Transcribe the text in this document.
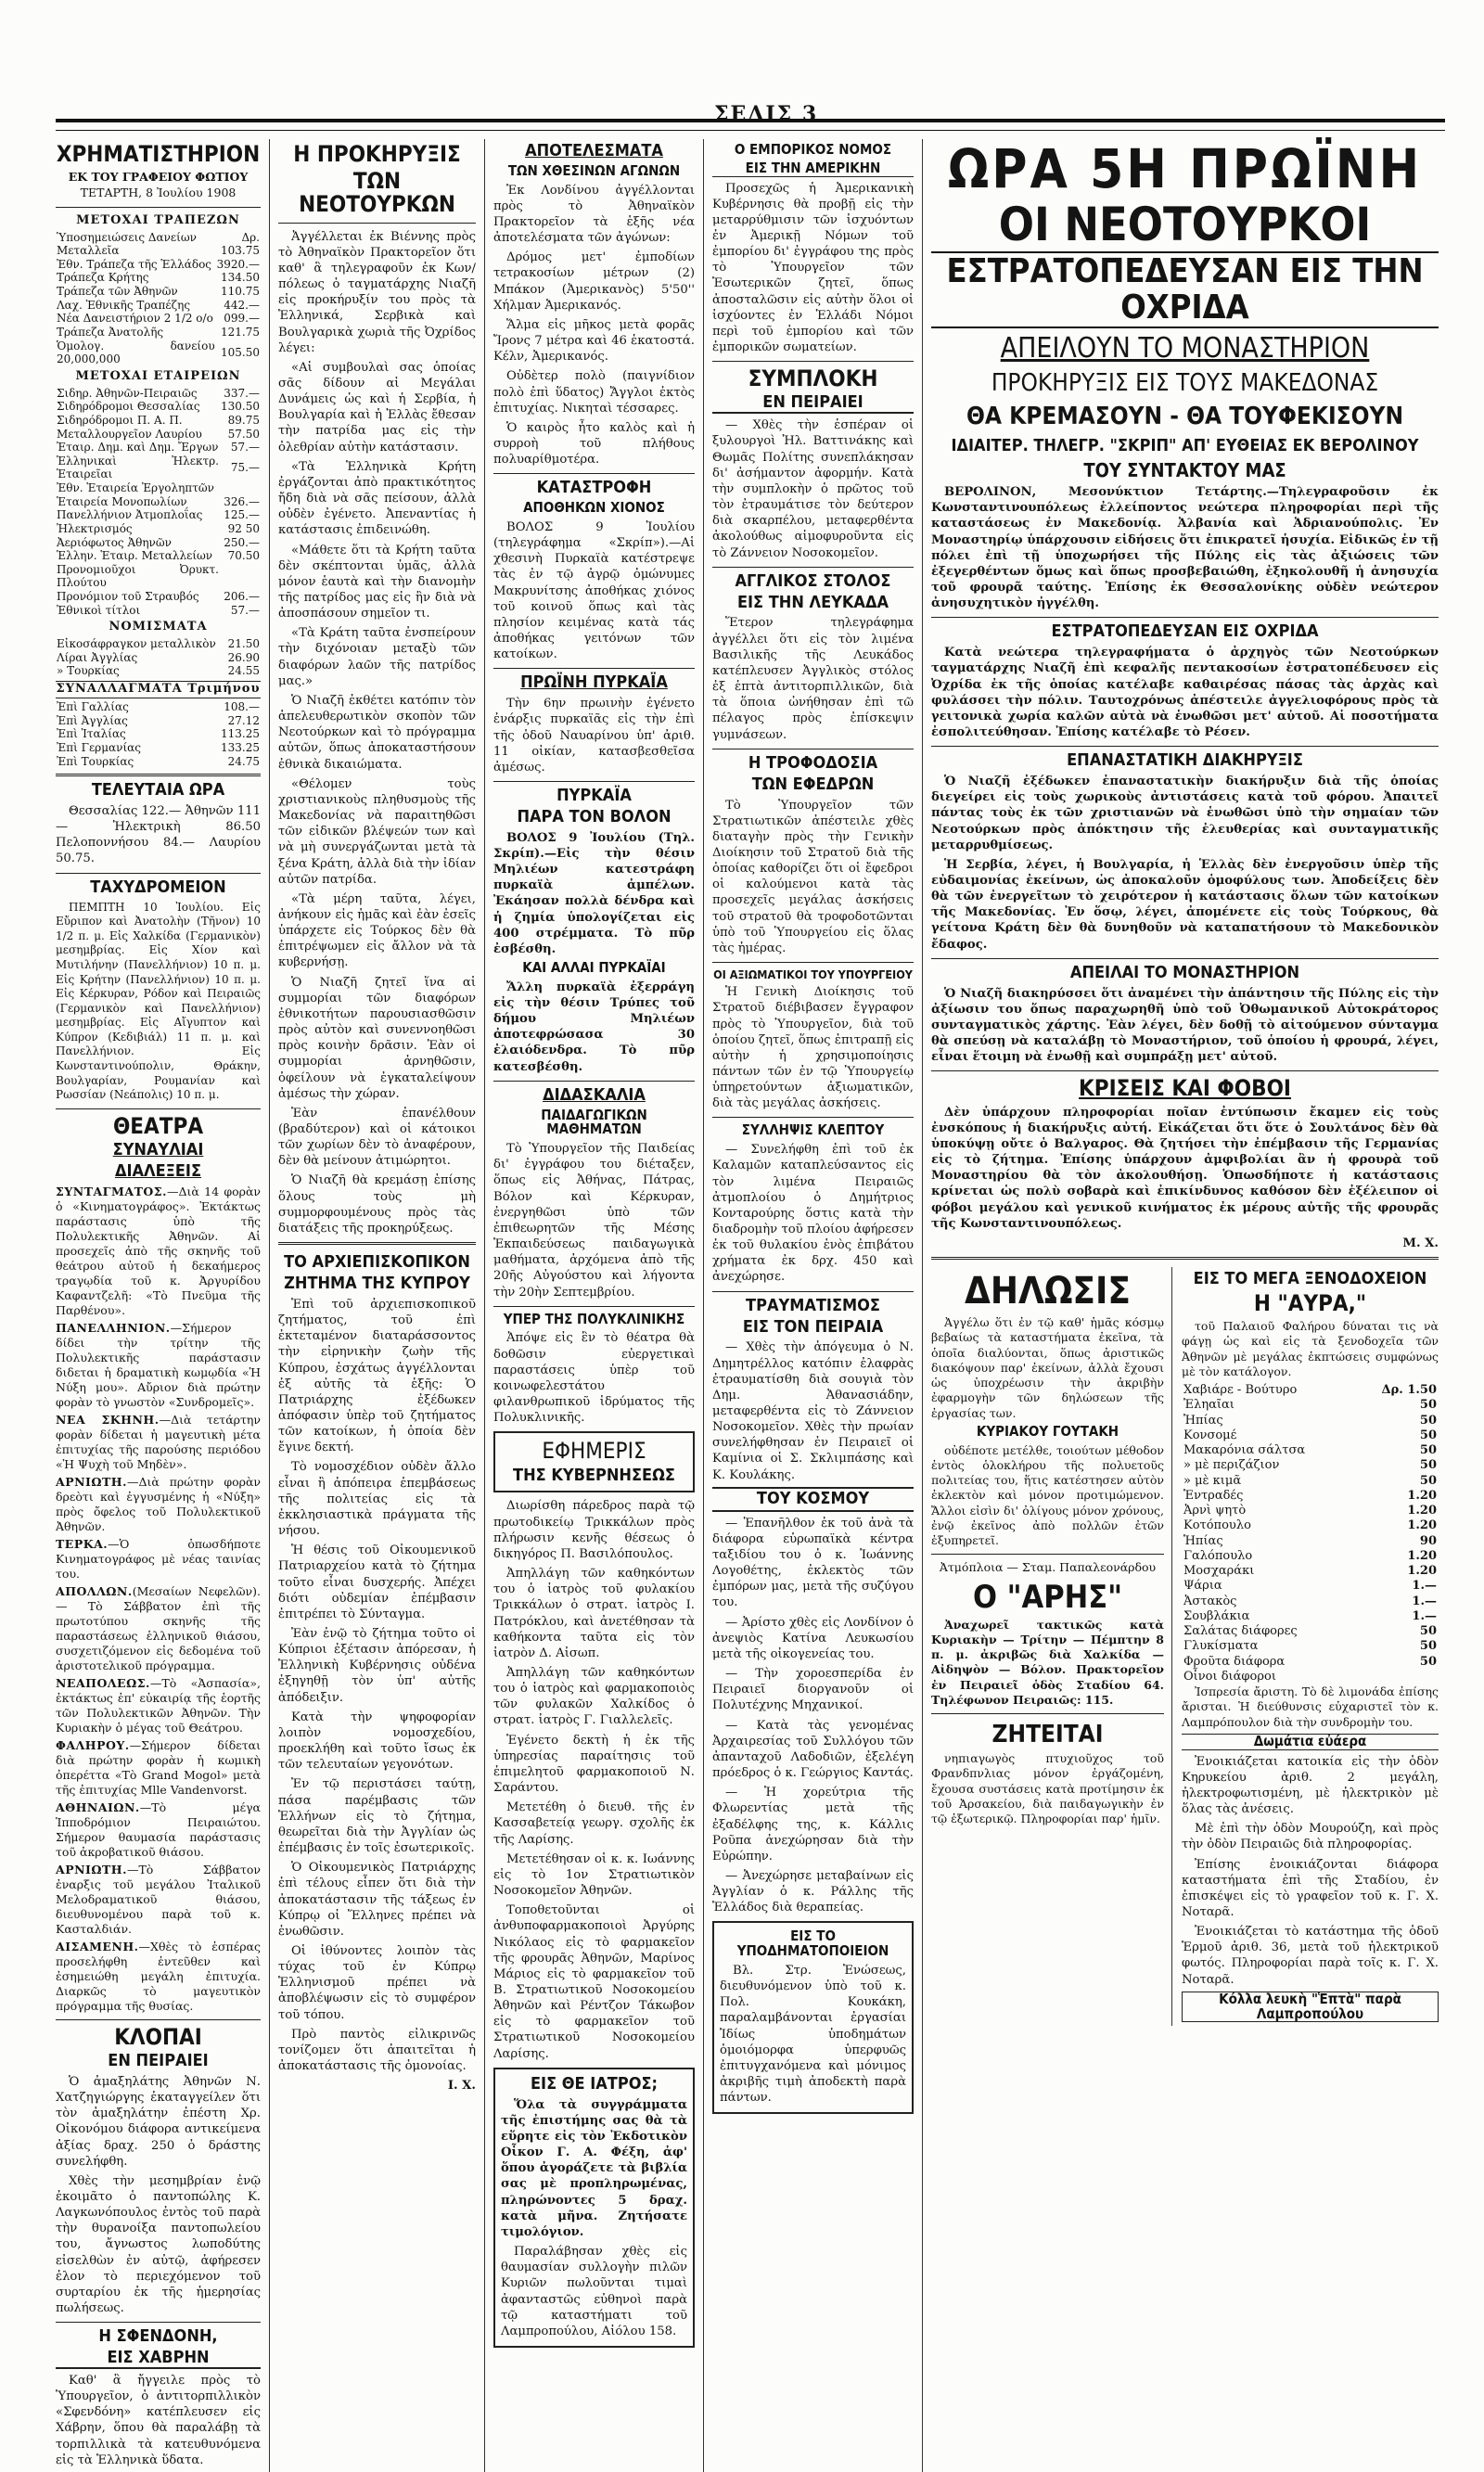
ΣΕΛΙΣ 3
ΧΡΗΜΑΤΙΣΤΗΡΙΟΝ
ΕΚ ΤΟΥ ΓΡΑΦΕΙΟΥ ΦΩΤΙΟΥ
ΤΕΤΑΡΤΗ, 8 Ἰουλίου 1908
ΜΕΤΟΧΑΙ ΤΡΑΠΕΖΩΝ
Ὑποσημειώσεις Δανείων	Δρ.
Μεταλλεῖα	103.75
Ἐθν. Τράπεζα τῆς Ἑλλάδος	3920.—
Τράπεζα Κρήτης	134.50
Τράπεζα τῶν Ἀθηνῶν	110.75
Λαχ. Ἐθνικῆς Τραπέζης	442.—
Νέα Δανειστήριον 2 1/2 ο/ο	099.—
Τράπεζα Ἀνατολῆς	121.75
Ὁμολογ. δανείου 20,000,000	105.50
ΜΕΤΟΧΑΙ ΕΤΑΙΡΕΙΩΝ
Σιδηρ. Ἀθηνῶν-Πειραιῶς	337.—
Σιδηρόδρομοι Θεσσαλίας	130.50
Σιδηρόδρομοι Π. Α. Π.	89.75
Μεταλλουργεῖον Λαυρίου	57.50
Ἐταιρ. Δημ. καὶ Δημ. Ἔργων	57.—
Ἑλληνικαὶ Ἠλεκτρ. Ἑταιρεῖαι	75.—
Ἐθν. Ἑταιρεία Ἐργοληπτῶν	
Ἑταιρεία Μονοπωλίων	326.—
Πανελλήνιον Ἀτμοπλοΐας	125.—
Ἠλεκτρισμός	92 50
Ἀεριόφωτος Ἀθηνῶν	250.—
Ἑλλην. Ἑταιρ. Μεταλλείων	70.50
Προνομιοῦχοι Ὀρυκτ. Πλούτου	
Προνόμιον τοῦ Στραυβός	206.—
Ἐθνικοὶ τίτλοι	57.—
ΝΟΜΙΣΜΑΤΑ
Εἰκοσάφραγκον μεταλλικὸν	21.50
Λίραι Ἀγγλίας	26.90
» Τουρκίας	24.55
ΣΥΝΑΛΛΑΓΜΑΤΑ Τριμήνου
Ἐπὶ Γαλλίας	108.—
Ἐπὶ Ἀγγλίας	27.12
Ἐπὶ Ἰταλίας	113.25
Ἐπὶ Γερμανίας	133.25
Ἐπὶ Τουρκίας	24.75
ΤΕΛΕΥΤΑΙΑ ΩΡΑ

Θεσσαλίας 122.— Ἀθηνῶν 111— Ἠλεκτρικὴ 86.50 Πελοποννήσου 84.— Λαυρίου 50.75.

ΤΑΧΥΔΡΟΜΕΙΟΝ

ΠΕΜΠΤΗ 10 Ἰουλίου. Εἰς Εὔριπον καὶ Ἀνατολὴν (Τῆνον) 10 1/2 π. μ. Εἰς Χαλκίδα (Γερμανικὸν) μεσημβρίας. Εἰς Χίον καὶ Μυτιλήνην (Πανελλήνιον) 10 π. μ. Εἰς Κρήτην (Πανελλήνιον) 10 π. μ. Εἰς Κέρκυραν, Ρόδον καὶ Πειραιῶς (Γερμανικὸν καὶ Πανελλήνιον) μεσημβρίας. Εἰς Αἴγυπτον καὶ Κύπρον (Κεδιβιάλ) 11 π. μ. καὶ Πανελλήνιον. Εἰς Κωνσταντινούπολιν, Θράκην, Βουλγαρίαν, Ρουμανίαν καὶ Ρωσσίαν (Νεάπολις) 10 π. μ.

ΘΕΑΤΡΑ
ΣΥΝΑΥΛΙΑΙ
ΔΙΑΛΕΞΕΙΣ
ΣΥΝΤΑΓΜΑΤΟΣ.—Διὰ 14 φορὰν ὁ «Κινηματογράφος». Ἐκτάκτως παράστασις ὑπὸ τῆς Πολυλεκτικῆς Ἀθηνῶν. Αἱ προσεχεῖς ἀπὸ τῆς σκηνῆς τοῦ θεάτρου αὐτοῦ ἡ δεκαήμερος τραγῳδία τοῦ κ. Ἀργυρίδου Καφαντζελῆ: «Τὸ Πνεῦμα τῆς Παρθένου».
ΠΑΝΕΛΛΗΝΙΟΝ.—Σήμερον δίδει τὴν τρίτην τῆς Πολυλεκτικῆς παράστασιν διδεται ἡ δραματικὴ κωμῳδία «Ἡ Νύξη μου». Αὔριον διὰ πρώτην φορὰν τὸ γνωστὸν «Συνδρομεῖς».
ΝΕΑ ΣΚΗΝΗ.—Διὰ τετάρτην φορὰν δίδεται ἡ μαγευτικὴ μέτα ἐπιτυχίας τῆς παρούσης περιόδου «Ἡ Ψυχὴ τοῦ Μηδὲν».
ΑΡΝΙΩΤΗ.—Διὰ πρώτην φορὰν δρεὸτι καὶ ἐγγυσμένης ἡ «Νύξη» πρὸς ὄφελος τοῦ Πολυλεκτικοῦ Ἀθηνῶν.
ΤΕΡΚΑ.—Ὁ ὁπωσδήποτε Κινηματογράφος μὲ νέας ταινίας του.
ΑΠΟΛΛΩΝ.(Μεσαίων Νεφελῶν). — Τὸ Σάββατον ἐπὶ τῆς πρωτοτύπου σκηνῆς τῆς παραστάσεως ἑλληνικοῦ θιάσου, συσχετιζόμενον εἰς δεδομένα τοῦ ἀριστοτελικοῦ πρόγραμμα.
ΝΕΑΠΟΛΕΩΣ.—Τὸ «Ἀσπασία», ἐκτάκτως ἐπ' εὐκαιρίᾳ τῆς ἑορτῆς τῶν Πολυλεκτικῶν Ἀθηνῶν. Τὴν Κυριακὴν ὁ μέγας τοῦ Θεάτρου.
ΦΑΛΗΡΟΥ.—Σήμερον δίδεται διὰ πρώτην φορὰν ἡ κωμικὴ ὀπερέττα «Τὸ Grand Mogol» μετὰ τῆς ἐπιτυχίας Mlle Vandenvorst.
ΑΘΗΝΑΙΩΝ.—Τὸ μέγα Ἱπποδρόμιον Πειραιώτου. Σήμερον θαυμασία παράστασις τοῦ ἀκροβατικοῦ θιάσου.
ΑΡΝΙΩΤΗ.—Τὸ Σάββατον ἐναρξις τοῦ μεγάλου Ἰταλικοῦ Μελοδραματικοῦ θιάσου, διευθυνομένου παρὰ τοῦ κ. Κασταλδιάν.
ΑΙΣΑΜΕΝΗ.—Χθὲς τὸ ἑσπέρας προσελήφθη ἐντεῦθεν καὶ ἐσημειώθη μεγάλη ἐπιτυχία. Διαρκῶς τὸ μαγευτικὸν πρόγραμμα τῆς θυσίας.
ΚΛΟΠΑΙ
ΕΝ ΠΕΙΡΑΙΕΙ

Ὁ ἀμαξηλάτης Ἀθηνῶν Ν. Χατζηγιώργης ἐκαταγγείλεν ὅτι τὸν ἀμαξηλάτην ἐπέστη Χρ. Οἰκονόμου διάφορα αντικείμενα ἀξίας δραχ. 250 ὁ δράστης συνελήφθη.

Χθὲς τὴν μεσημβρίαν ἐνῷ ἐκοιμᾶτο ὁ παντοπώλης Κ. Λαγκωνόπουλος ἐντὸς τοῦ παρὰ τὴν θυρανοίξα παντοπωλείου του, ἄγνωστος λωποδύτης εἰσελθὼν ἐν αὐτῷ, ἀφήρεσεν ἐλον τὸ περιεχόμενον τοῦ συρταρίου ἐκ τῆς ἡμερησίας πωλήσεως.

Η ΣΦΕΝΔΟΝΗ,
ΕΙΣ ΧΑΒΡΗΝ

Καθ' ἃ ἤγγειλε πρὸς τὸ Ὑπουργεῖον, ὁ ἀντιτορπιλλικὸν «Σφενδόνη» κατέπλευσεν εἰς Χάβρην, ὅπου θὰ παραλάβῃ τὰ τορπιλλικὰ τὰ κατευθυνόμενα εἰς τὰ Ἑλληνικὰ ὕδατα.

Η ΠΡΟΚΗΡΥΞΙΣ
ΤΩΝ ΝΕΟΤΟΥΡΚΩΝ

Ἀγγέλλεται ἐκ Βιέννης πρὸς τὸ Ἀθηναϊκὸν Πρακτορεῖον ὅτι καθ' ἃ τηλεγραφοῦν ἐκ Κων/πόλεως ὁ ταγματάρχης Νιαζῆ εἰς προκήρυξίν του πρὸς τὰ Ἑλληνικά, Σερβικὰ καὶ Βουλγαρικὰ χωριὰ τῆς Ὀχρίδος λέγει:

«Αἱ συμβουλαὶ σας ὁποίας σᾶς δίδουν αἱ Μεγάλαι Δυνάμεις ὡς καὶ ἡ Σερβία, ἡ Βουλγαρία καὶ ἡ Ἑλλὰς ἔθεσαν τὴν πατρίδα μας εἰς τὴν ὀλεθρίαν αὐτὴν κατάστασιν.

«Τὰ Ἑλληνικὰ Κρήτη ἐργάζονται ἀπὸ πρακτικότητος ἤδη διὰ νὰ σᾶς πείσουν, ἀλλὰ οὐδὲν ἐγένετο. Ἀπεναντίας ἡ κατάστασις ἐπιδεινώθη.

«Μάθετε ὅτι τὰ Κρήτη ταῦτα δὲν σκέπτονται ὑμᾶς, ἀλλὰ μόνον ἑαυτὰ καὶ τὴν διανομὴν τῆς πατρίδος μας εἰς ἣν διὰ νὰ ἀποσπάσουν σημεῖον τι.

«Τὰ Κράτη ταῦτα ἐνσπείρουν τὴν διχόνοιαν μεταξὺ τῶν διαφόρων λαῶν τῆς πατρίδος μας.»

Ὁ Νιαζῆ ἐκθέτει κατόπιν τὸν ἀπελευθερωτικὸν σκοπὸν τῶν Νεοτούρκων καὶ τὸ πρόγραμμα αὐτῶν, ὅπως ἀποκαταστήσουν ἐθνικὰ δικαιώματα.

«Θέλομεν τοὺς χριστιανικοὺς πληθυσμοὺς τῆς Μακεδονίας νὰ παραιτηθῶσι τῶν εἰδικῶν βλέψεών των καὶ νὰ μὴ συνεργάζωνται μετὰ τὰ ξένα Κράτη, ἀλλὰ διὰ τὴν ἰδίαν αὐτῶν πατρίδα.

«Τὰ μέρη ταῦτα, λέγει, ἀνήκουν εἰς ἡμᾶς καὶ ἐὰν ἐσεῖς ὑπάρχετε εἰς Τούρκος δὲν θὰ ἐπιτρέψωμεν εἰς ἄλλον νὰ τὰ κυβερνήσῃ.

Ὁ Νιαζῆ ζητεῖ ἵνα αἱ συμμορίαι τῶν διαφόρων ἐθνικοτήτων παρουσιασθῶσιν πρὸς αὐτὸν καὶ συνεννοηθῶσι πρὸς κοινὴν δρᾶσιν. Ἐὰν οἱ συμμορίαι ἀρνηθῶσιν, ὀφείλουν νὰ ἐγκαταλείψουν ἀμέσως τὴν χώραν.

Ἐὰν ἐπανέλθουν (βραδύτερον) καὶ οἱ κάτοικοι τῶν χωρίων δὲν τὸ ἀναφέρουν, δὲν θὰ μείνουν ἀτιμώρητοι.

Ὁ Νιαζῆ θὰ κρεμάσῃ ἐπίσης ὅλους τοὺς μὴ συμμορφουμένους πρὸς τὰς διατάξεις τῆς προκηρύξεως.

ΤΟ ΑΡΧΙΕΠΙΣΚΟΠΙΚΟΝ
ΖΗΤΗΜΑ ΤΗΣ ΚΥΠΡΟΥ

Ἐπὶ τοῦ ἀρχιεπισκοπικοῦ ζητήματος, τοῦ ἐπὶ ἐκτεταμένον διαταράσσοντος τὴν εἰρηνικὴν ζωὴν τῆς Κύπρου, ἐσχάτως ἀγγέλλονται ἐξ αὐτῆς τὰ ἑξῆς: Ὁ Πατριάρχης ἐξέδωκεν ἀπόφασιν ὑπὲρ τοῦ ζητήματος τῶν κατοίκων, ἡ ὁποία δὲν ἔγινε δεκτή.

Τὸ νομοσχέδιον οὐδὲν ἄλλο εἶναι ἢ ἀπόπειρα ἐπεμβάσεως τῆς πολιτείας εἰς τὰ ἐκκλησιαστικὰ πράγματα τῆς νήσου.

Ἡ θέσις τοῦ Οἰκουμενικοῦ Πατριαρχείου κατὰ τὸ ζήτημα τοῦτο εἶναι δυσχερής. Ἀπέχει διότι οὐδεμίαν ἐπέμβασιν ἐπιτρέπει τὸ Σύνταγμα.

Ἐὰν ἐνῷ τὸ ζήτημα τοῦτο οἱ Κύπριοι ἐξέτασιν ἀπόρεσαν, ἡ Ἑλληνικὴ Κυβέρνησις οὐδένα ἐξηγηθῇ τὸν ὑπ' αὐτῆς ἀπόδειξιν.

Κατὰ τὴν ψηφοφορίαν λοιπὸν νομοσχεδίου, προεκλήθη καὶ τοῦτο ἴσως ἐκ τῶν τελευταίων γεγονότων.

Ἐν τῷ περιστάσει ταύτῃ, πάσα παρέμβασις τῶν Ἑλλήνων εἰς τὸ ζήτημα, θεωρεῖται διὰ τὴν Ἀγγλίαν ὡς ἐπέμβασις ἐν τοῖς ἐσωτερικοῖς.

Ὁ Οἰκουμενικὸς Πατριάρχης ἐπὶ τέλους εἶπεν ὅτι διὰ τὴν ἀποκατάστασιν τῆς τάξεως ἐν Κύπρῳ οἱ Ἕλληνες πρέπει νὰ ἑνωθῶσιν.

Οἱ ἰθύνοντες λοιπὸν τὰς τύχας τοῦ ἐν Κύπρῳ Ἑλληνισμοῦ πρέπει νὰ ἀποβλέψωσιν εἰς τὸ συμφέρον τοῦ τόπου.

Πρὸ παντὸς εἰλικρινῶς τονίζομεν ὅτι ἀπαιτεῖται ἡ ἀποκατάστασις τῆς ὁμονοίας.

Ι. Χ.
ΑΠΟΤΕΛΕΣΜΑΤΑ
ΤΩΝ ΧΘΕΣΙΝΩΝ ΑΓΩΝΩΝ

Ἐκ Λονδίνου ἀγγέλλονται πρὸς τὸ Ἀθηναϊκὸν Πρακτορεῖον τὰ ἑξῆς νέα ἀποτελέσματα τῶν ἀγώνων:

Δρόμος μετ' ἐμποδίων τετρακοσίων μέτρων (2) Μπάκον (Ἀμερικανὸς) 5'50'' Χήλμαν Ἀμερικανός.

Ἅλμα εἰς μῆκος μετὰ φορᾶς Ἴρονς 7 μέτρα καὶ 46 ἑκατοστά. Κέλν, Ἀμερικανός.

Οὐδὲτερ πολὸ (παιγνίδιον πολὸ ἐπὶ ὕδατος) Ἄγγλοι ἐκτὸς ἐπιτυχίας. Νικηταὶ τέσσαρες.

Ὁ καιρὸς ἦτο καλὸς καὶ ἡ συρροὴ τοῦ πλήθους πολυαρίθμοτέρα.

ΚΑΤΑΣΤΡΟΦΗ
ΑΠΟΘΗΚΩΝ ΧΙΟΝΟΣ

ΒΟΛΟΣ 9 Ἰουλίου (τηλεγράφημα «Σκρίπ»).—Αἱ χθεσινὴ Πυρκαϊὰ κατέστρεψε τὰς ἐν τῷ ἀγρῷ ὁμώνυμες Μακρυνίτσης ἀποθήκας χιόνος τοῦ κοινοῦ ὅπως καὶ τὰς πλησίον κειμένας κατὰ τάς ἀποθήκας γειτόνων τῶν κατοίκων.

ΠΡΩΪΝΗ ΠΥΡΚΑΪΑ

Τὴν 6ην πρωινὴν ἐγένετο ἐνάρξις πυρκαϊᾶς εἰς τὴν ἐπὶ τῆς ὁδοῦ Ναυαρίνου ὑπ' ἀριθ. 11 οἰκίαν, κατασβεσθεῖσα ἀμέσως.

ΠΥΡΚΑΪΑ
ΠΑΡΑ ΤΟΝ ΒΟΛΟΝ

ΒΟΛΟΣ 9 Ἰουλίου (Τηλ. Σκρίπ).—Εἰς τὴν θέσιν Μηλιέων κατεστράφη πυρκαϊὰ ἀμπέλων. Ἐκάησαν πολλὰ δένδρα καὶ ἡ ζημία ὑπολογίζεται εἰς 400 στρέμματα. Τὸ πῦρ ἐσβέσθη.

ΚΑΙ ΑΛΛΑΙ ΠΥΡΚΑΪΑΙ

Ἄλλη πυρκαϊὰ ἐξερράγη εἰς τὴν θέσιν Τρύπες τοῦ δήμου Μηλιέων ἀποτεφρώσασα 30 ἐλαιόδενδρα. Τὸ πῦρ κατεσβέσθη.

ΔΙΔΑΣΚΑΛΙΑ
ΠΑΙΔΑΓΩΓΙΚΩΝ ΜΑΘΗΜΑΤΩΝ

Τὸ Ὑπουργεῖον τῆς Παιδείας δι' ἐγγράφου του διέταξεν, ὅπως εἰς Ἀθήνας, Πάτρας, Βόλον καὶ Κέρκυραν, ἐνεργηθῶσι ὑπὸ τῶν ἐπιθεωρητῶν τῆς Μέσης Ἐκπαιδεύσεως παιδαγωγικὰ μαθήματα, ἀρχόμενα ἀπὸ τῆς 20ῆς Αὐγούστου καὶ λήγοντα τὴν 20ὴν Σεπτεμβρίου.

ΥΠΕΡ ΤΗΣ ΠΟΛΥΚΛΙΝΙΚΗΣ

Ἀπόψε εἰς ἓν τὸ θέατρα θὰ δοθῶσιν εὐεργετικαὶ παραστάσεις ὑπὲρ τοῦ κοινωφελεστάτου φιλανθρωπικοῦ ἱδρύματος τῆς Πολυκλινικῆς.

ΕΦΗΜΕΡΙΣ
ΤΗΣ ΚΥΒΕΡΝΗΣΕΩΣ

Διωρίσθη πάρεδρος παρὰ τῷ πρωτοδικείῳ Τρικκάλων πρὸς πλήρωσιν κενῆς θέσεως ὁ δικηγόρος Π. Βασιλόπουλος.

Ἀπηλλάγη τῶν καθηκόντων του ὁ ἰατρὸς τοῦ φυλακίου Τρικκάλων ὁ στρατ. ἰατρὸς Ι. Πατρόκλου, καὶ ἀνετέθησαν τὰ καθήκοντα ταῦτα εἰς τὸν ἰατρὸν Δ. Αἰσωπ.

Ἀπηλλάγη τῶν καθηκόντων του ὁ ἰατρὸς καὶ φαρμακοποιὸς τῶν φυλακῶν Χαλκίδος ὁ στρατ. ἰατρὸς Γ. Γιαλλελεῖς.

Ἐγένετο δεκτὴ ἡ ἐκ τῆς ὑπηρεσίας παραίτησις τοῦ ἐπιμελητοῦ φαρμακοποιοῦ Ν. Σαράντου.

Μετετέθη ὁ διευθ. τῆς ἐν Κασσαβετείᾳ γεωργ. σχολῆς ἐκ τῆς Λαρίσης.

Μετετέθησαν οἱ κ. κ. Ιωάννης εἰς τὸ 1ον Στρατιωτικὸν Νοσοκομεῖον Ἀθηνῶν.

Τοποθετοῦνται οἱ ἀνθυποφαρμακοποιοὶ Ἀργύρης Νικόλαος εἰς τὸ φαρμακεῖον τῆς φρουρᾶς Ἀθηνῶν, Μαρίνος Μάριος εἰς τὸ φαρμακεῖον τοῦ Β. Στρατιωτικοῦ Νοσοκομείου Ἀθηνῶν καὶ Ρέντζον Τάκωβον εἰς τὸ φαρμακεῖον τοῦ Στρατιωτικοῦ Νοσοκομείου Λαρίσης.

ΕΙΣ ΘΕ ΙΑΤΡΟΣ;

Ὅλα τὰ συγγράμματα τῆς ἐπιστήμης σας θὰ τὰ εὕρητε εἰς τὸν Ἐκδοτικὸν Οἶκον Γ. Α. Φέξη, ἀφ' ὅπου ἀγοράζετε τὰ βιβλία σας μὲ προπληρωμένας, πληρώνοντες 5 δραχ. κατὰ μῆνα. Ζητήσατε τιμολόγιον.

Παραλάβησαν χθὲς εἰς θαυμασίαν συλλογὴν πιλῶν Κυριῶν πωλοῦνται τιμαὶ ἀφανταστῶς εὐθηνοὶ παρὰ τῷ καταστήματι τοῦ Λαμπροπούλου, Αἰόλου 158.

Ο ΕΜΠΟΡΙΚΟΣ ΝΟΜΟΣ
ΕΙΣ ΤΗΝ ΑΜΕΡΙΚΗΝ

Προσεχῶς ἡ Ἀμερικανικὴ Κυβέρνησις θὰ προβῇ εἰς τὴν μεταρρύθμισιν τῶν ἰσχυόντων ἐν Ἀμερικῇ Νόμων τοῦ ἐμπορίου δι' ἐγγράφου της πρὸς τὸ Ὑπουργεῖον τῶν Ἐσωτερικῶν ζητεῖ, ὅπως ἀποσταλῶσιν εἰς αὐτὴν ὅλοι οἱ ἰσχύοντες ἐν Ἑλλάδι Νόμοι περὶ τοῦ ἐμπορίου καὶ τῶν ἐμπορικῶν σωματείων.

ΣΥΜΠΛΟΚΗ
ΕΝ ΠΕΙΡΑΙΕΙ

— Χθὲς τὴν ἑσπέραν οἱ ξυλουργοὶ Ἠλ. Βαττινάκης καὶ Θωμᾶς Πολίτης συνεπλάκησαν δι' ἀσήμαντον ἀφορμήν. Κατὰ τὴν συμπλοκὴν ὁ πρῶτος τοῦ τὸν ἐτραυμάτισε τὸν δεύτερον διὰ σκαρπέλου, μεταφερθέντα ἀκολούθως αἱμοφυροῦντα εἰς τὸ Ζάννειον Νοσοκομεῖον.

ΑΓΓΛΙΚΟΣ ΣΤΟΛΟΣ
ΕΙΣ ΤΗΝ ΛΕΥΚΑΔΑ

Ἕτερον τηλεγράφημα ἀγγέλλει ὅτι εἰς τὸν λιμένα Βασιλικῆς τῆς Λευκάδος κατέπλευσεν Ἀγγλικὸς στόλος ἐξ ἑπτὰ ἀντιτορπιλλικῶν, διὰ τὰ ὅποια ὠνήθησαν ἐπὶ τῶ πέλαγος πρὸς ἐπίσκεψιν γυμνάσεων.

Η ΤΡΟΦΟΔΟΣΙΑ
ΤΩΝ ΕΦΕΔΡΩΝ

Τὸ Ὑπουργεῖον τῶν Στρατιωτικῶν ἀπέστειλε χθὲς διαταγὴν πρὸς τὴν Γενικὴν Διοίκησιν τοῦ Στρατοῦ διὰ τῆς ὁποίας καθορίζει ὅτι οἱ ἔφεδροι οἱ καλούμενοι κατὰ τὰς προσεχεῖς μεγάλας ἀσκήσεις τοῦ στρατοῦ θὰ τροφοδοτῶνται ὑπὸ τοῦ Ὑπουργείου εἰς ὅλας τὰς ἡμέρας.

ΟΙ ΑΞΙΩΜΑΤΙΚΟΙ ΤΟΥ ΥΠΟΥΡΓΕΙΟΥ

Ἡ Γενικὴ Διοίκησις τοῦ Στρατοῦ διέβιβασεν ἔγγραφον πρὸς τὸ Ὑπουργεῖον, διὰ τοῦ ὁποίου ζητεῖ, ὅπως ἐπιτραπῇ εἰς αὐτὴν ἡ χρησιμοποίησις πάντων τῶν ἐν τῷ Ὑπουργείῳ ὑπηρετούντων ἀξιωματικῶν, διὰ τὰς μεγάλας ἀσκήσεις.

ΣΥΛΛΗΨΙΣ ΚΛΕΠΤΟΥ

— Συνελήφθη ἐπὶ τοῦ ἐκ Καλαμῶν καταπλεύσαντος εἰς τὸν λιμένα Πειραιῶς ἀτμοπλοίου ὁ Δημήτριος Κονταρούρης ὅστις κατὰ τὴν διαδρομὴν τοῦ πλοίου ἀφήρεσεν ἐκ τοῦ θυλακίου ἑνὸς ἐπιβάτου χρήματα ἐκ δρχ. 450 καὶ ἀνεχώρησε.

ΤΡΑΥΜΑΤΙΣΜΟΣ
ΕΙΣ ΤΟΝ ΠΕΙΡΑΙΑ

— Χθὲς τὴν ἀπόγευμα ὁ Ν. Δημητρέλλος κατόπιν ἐλαφρὰς ἐτραυματίσθη διὰ σουγιὰ τὸν Δημ. Ἀθανασιάδην, μεταφερθέντα εἰς τὸ Ζάννειον Νοσοκομεῖον. Χθὲς τὴν πρωίαν συνελήφθησαν ἐν Πειραιεῖ οἱ Καμίνια οἱ Σ. Σκλιμπάσης καὶ Κ. Κουλάκης.

ΤΟΥ ΚΟΣΜΟΥ

— Ἐπανῆλθον ἐκ τοῦ ἀνὰ τὰ διάφορα εὐρωπαϊκὰ κέντρα ταξιδίου του ὁ κ. Ἰωάννης Λογοθέτης, ἐκλεκτὸς τῶν ἐμπόρων μας, μετὰ τῆς συζύγου του.

— Ἀρίστο χθὲς εἰς Λονδίνον ὁ ἀνεψιὸς Κατίνα Λευκωσίου μετὰ τῆς οἰκογενείας του.

— Τὴν χοροεσπερίδα ἐν Πειραιεῖ διοργανοῦν οἱ Πολυτέχνης Μηχανικοί.

— Κατὰ τὰς γενομένας Ἀρχαιρεσίας τοῦ Συλλόγου τῶν ἀπανταχοῦ Λαδοδιῶν, ἐξελέγη πρόεδρος ὁ κ. Γεώργιος Καντάς.

— Ἡ χορεύτρια τῆς Φλωρεντίας μετὰ τῆς ἐξαδέλφης της, κ. Κάλλις Ροῦπα ἀνεχώρησαν διὰ τὴν Εὐρώπην.

— Ἀνεχώρησε μεταβαίνων εἰς Ἀγγλίαν ὁ κ. Ράλλης τῆς Ἐλλάδος διὰ θεραπείας.

ΕΙΣ ΤΟ ΥΠΟΔΗΜΑΤΟΠΟΙΕΙΟΝ

Βλ. Στρ. Ἑνώσεως, διευθυνόμενον ὑπὸ τοῦ κ. Πολ. Κουκάκη, παραλαμβάνονται ἐργασίαι Ἰδίως ὑποδημάτων ὁμοιόμορφα ὑπερφυῶς ἐπιτυγχανόμενα καὶ μόνιμος ἀκριβῆς τιμὴ ἀποδεκτὴ παρὰ πάντων.

ΩΡΑ 5Η ΠΡΩΪΝΗ
ΟΙ ΝΕΟΤΟΥΡΚΟΙ
ΕΣΤΡΑΤΟΠΕΔΕΥΣΑΝ ΕΙΣ ΤΗΝ ΟΧΡΙΔΑ
ΑΠΕΙΛΟΥΝ ΤΟ ΜΟΝΑΣΤΗΡΙΟΝ
ΠΡΟΚΗΡΥΞΙΣ ΕΙΣ ΤΟΥΣ ΜΑΚΕΔΟΝΑΣ
ΘΑ ΚΡΕΜΑΣΟΥΝ - ΘΑ ΤΟΥΦΕΚΙΣΟΥΝ
ΙΔΙΑΙΤΕΡ. ΤΗΛΕΓΡ. "ΣΚΡΙΠ" ΑΠ' ΕΥΘΕΙΑΣ ΕΚ ΒΕΡΟΛΙΝΟΥ
ΤΟΥ ΣΥΝΤΑΚΤΟΥ ΜΑΣ

ΒΕΡΟΛΙΝΟΝ, Μεσονύκτιον Τετάρτης.—Τηλεγραφοῦσιν ἐκ Κωνσταντινουπόλεως ἐλλείποντος νεώτερα πληροφορίαι περὶ τῆς καταστάσεως ἐν Μακεδονίᾳ. Ἀλβανία καὶ Ἀδριανούπολις. Ἐν Μοναστηρίῳ ὑπάρχουσιν εἰδήσεις ὅτι ἐπικρατεῖ ἡσυχία. Εἰδικῶς ἐν τῇ πόλει ἐπὶ τῇ ὑποχωρήσει τῆς Πύλης εἰς τὰς ἀξιώσεις τῶν ἐξεγερθέντων ὅμως καὶ ὅπως προσβεβαιώθη, ἐξηκολουθῆ ἡ ἀνησυχία τοῦ φρουρᾶ ταύτης. Ἐπίσης ἐκ Θεσσαλονίκης οὐδὲν νεώτερον ἀνησυχητικὸν ἠγγέλθη.

ΕΣΤΡΑΤΟΠΕΔΕΥΣΑΝ ΕΙΣ ΟΧΡΙΔΑ

Κατὰ νεώτερα τηλεγραφήματα ὁ ἀρχηγὸς τῶν Νεοτούρκων ταγματάρχης Νιαζῆ ἐπὶ κεφαλῆς πεντακοσίων ἐστρατοπέδευσεν εἰς Ὀχρίδα ἐκ τῆς ὁποίας κατέλαβε καθαιρέσας πάσας τὰς ἀρχὰς καὶ φυλάσσει τὴν πόλιν. Ταυτοχρόνως ἀπέστειλε ἀγγελιοφόρους πρὸς τὰ γειτονικὰ χωρία καλῶν αὐτὰ νὰ ἑνωθῶσι μετ' αὐτοῦ. Αἱ ποσοτήματα ἐσπολιτεύθησαν. Ἐπίσης κατέλαβε τὸ Ρέσεν.

ΕΠΑΝΑΣΤΑΤΙΚΗ ΔΙΑΚΗΡΥΞΙΣ

Ὁ Νιαζῆ ἐξέδωκεν ἐπαναστατικὴν διακήρυξιν διὰ τῆς ὁποίας διεγείρει εἰς τοὺς χωρικοὺς ἀντιστάσεις κατὰ τοῦ φόρου. Ἀπαιτεῖ πάντας τοὺς ἐκ τῶν χριστιανῶν νὰ ἑνωθῶσι ὑπὸ τὴν σημαίαν τῶν Νεοτούρκων πρὸς ἀπόκτησιν τῆς ἐλευθερίας καὶ συνταγματικῆς μεταρρυθμίσεως.

Ἡ Σερβία, λέγει, ἡ Βουλγαρία, ἡ Ἑλλὰς δὲν ἐνεργοῦσιν ὑπὲρ τῆς εὐδαιμονίας ἐκείνων, ὡς ἀποκαλοῦν ὁμοφύλους των. Ἀποδείξεις δὲν θὰ τῶν ἐνεργεῖτων τὸ χειρότερον ἡ κατάστασις ὅλων τῶν κατοίκων τῆς Μακεδονίας. Ἐν ὅσῳ, λέγει, ἀπομένετε εἰς τοὺς Τούρκους, θὰ γείτονα Κράτη δὲν θὰ δυνηθοῦν νὰ καταπατήσουν τὸ Μακεδονικὸν ἔδαφος.

ΑΠΕΙΛΑΙ ΤΟ ΜΟΝΑΣΤΗΡΙΟΝ

Ὁ Νιαζῆ διακηρύσσει ὅτι ἀναμένει τὴν ἀπάντησιν τῆς Πύλης εἰς τὴν ἀξίωσιν του ὅπως παραχωρηθῆ ὑπὸ τοῦ Ὀθωμανικοῦ Αὐτοκράτορος συνταγματικὸς χάρτης. Ἐὰν λέγει, δὲν δοθῇ τὸ αἰτούμενον σύνταγμα θὰ σπεύσῃ νὰ καταλάβῃ τὸ Μοναστήριον, τοῦ ὁποίου ἡ φρουρά, λέγει, εἶναι ἕτοιμη νὰ ἑνωθῇ καὶ συμπράξῃ μετ' αὐτοῦ.

ΚΡΙΣΕΙΣ ΚΑΙ ΦΟΒΟΙ

Δὲν ὑπάρχουν πληροφορίαι ποῖαν ἐντύπωσιν ἔκαμεν εἰς τοὺς ἐνσκόπους ἡ διακήρυξις αὐτή. Εἰκάζεται ὅτι ὅτε ὁ Σουλτάνος δὲν θὰ ὑποκύψῃ οὔτε ὁ Βαλγαρος. Θὰ ζητήσει τὴν ἐπέμβασιν τῆς Γερμανίας εἰς τὸ ζήτημα. Ἐπίσης ὑπάρχουν ἀμφιβολίαι ἂν ἡ φρουρὰ τοῦ Μοναστηρίου θὰ τὸν ἀκολουθήσῃ. Ὁπωσδήποτε ἡ κατάστασις κρίνεται ὡς πολὺ σοβαρὰ καὶ ἐπικίνδυνος καθόσον δὲν ἐξέλειπον οἱ φόβοι μεγάλου καὶ γενικοῦ κινήματος ἐκ μέρους αὐτῆς τῆς φρουρᾶς τῆς Κωνσταντινουπόλεως.

Μ. Χ.
ΔΗΛΩΣΙΣ

Ἀγγέλω ὅτι ἐν τῷ καθ' ἡμᾶς κόσμῳ βεβαίως τὰ καταστήματα ἐκεῖνα, τὰ ὁποῖα διαλύονται, ὅπως ἀριστικῶς διακόψουν παρ' ἐκείνων, ἀλλὰ ἔχουσι ὡς ὑποχρέωσιν τὴν ἀκριβὴν ἐφαρμογὴν τῶν δηλώσεων τῆς ἐργασίας των.

ΚΥΡΙΑΚΟΥ ΓΟΥΤΑΚΗ

οὐδέποτε μετέλθε, τοιούτων μέθοδον ἐντὸς ὁλοκλήρου τῆς πολυετοῦς πολιτείας του, ἥτις κατέστησεν αὐτὸν ἐκλεκτὸν καὶ μόνον προτιμώμενον. Ἄλλοι εἰσὶν δι' ὀλίγους μόνον χρόνους, ἐνῷ ἐκεῖνος ἀπὸ πολλῶν ἐτῶν ἐξυπηρετεῖ.

Ἀτμόπλοια — Σταμ. Παπαλεονάρδου
Ο "ΑΡΗΣ"

Ἀναχωρεῖ τακτικῶς κατὰ Κυριακὴν — Τρίτην — Πέμπτην 8 π. μ. ἀκριβῶς διὰ Χαλκίδα — Αἰδηψὸν — Βόλον. Πρακτορεῖον ἐν Πειραιεῖ ὁδὸς Σταδίου 64. Τηλέφωνον Πειραιῶς: 115.

ΖΗΤΕΙΤΑΙ

νηπιαγωγὸς πτυχιοῦχος τοῦ Φρανδπνλιας μόνον ἐργάζομένη, ἔχουσα συστάσεις κατὰ προτίμησιν ἐκ τοῦ Ἀρσακείου, διὰ παιδαγωγικὴν ἐν τῷ ἐξωτερικῷ. Πληροφορίαι παρ' ἡμῖν.

ΕΙΣ ΤΟ ΜΕΓΑ ΞΕΝΟΔΟΧΕΙΟΝ
Η "ΑΥΡΑ,"

τοῦ Παλαιοῦ Φαλήρου δύναται τις νὰ φάγῃ ὡς καὶ εἰς τὰ ξενοδοχεῖα τῶν Ἀθηνῶν μὲ μεγάλας ἐκπτώσεις συμφώνως μὲ τὸν κατάλογον.

Χαβιάρε - Βούτυρο	Δρ. 1.50
Ἐληαῖαι	50
Ἠπίας	50
Κονσομέ	50
Μακαρόνια σάλτσα	50
» μὲ περιζάζιον	50
» μὲ κιμᾶ	50
Ἐντραδές	1.20
Ἀρνὶ ψητὸ	1.20
Κοτόπουλο	1.20
Ἡπίας	90
Γαλόπουλο	1.20
Μοσχαράκι	1.20
Ψάρια	1.—
Ἀστακὸς	1.—
Σουβλάκια	1.—
Σαλάτας διάφορες	50
Γλυκίσματα	50
Φροῦτα διάφορα	50
Οἶνοι διάφοροι	

Ἰσπρεσία ἄριστη. Τὸ δὲ λιμονάδα ἐπίσης ἄρισται. Ἡ διεύθυνσις εὐχαριστεῖ τὸν κ. Λαμπρόπουλον διὰ τὴν συνδρομὴν του.

Δωμάτια εὐάερα

Ἐνοικιάζεται κατοικία εἰς τὴν ὁδὸν Κηρυκείου ἀριθ. 2 μεγάλη, ἠλεκτροφωτισμένη, μὲ ἠλεκτρικὸν μὲ ὅλας τὰς ἀνέσεις.

Μὲ ἐπὶ τὴν ὁδὸν Μουρούζη, καὶ πρὸς τὴν ὁδὸν Πειραιῶς διὰ πληροφορίας.

Ἐπίσης ἐνοικιάζονται διάφορα καταστήματα ἐπὶ τῆς Σταδίου, ἐν ἐπισκέψει εἰς τὸ γραφεῖον τοῦ κ. Γ. Χ. Νοταρᾶ.

Ἐνοικιάζεται τὸ κατάστημα τῆς ὁδοῦ Ἑρμοῦ ἀριθ. 36, μετὰ τοῦ ἠλεκτρικοῦ φωτός. Πληροφορίαι παρὰ τοῖς κ. Γ. Χ. Νοταρᾶ.

Κόλλα λευκὴ "Ἑπτὰ" παρὰ Λαμπροπούλου
